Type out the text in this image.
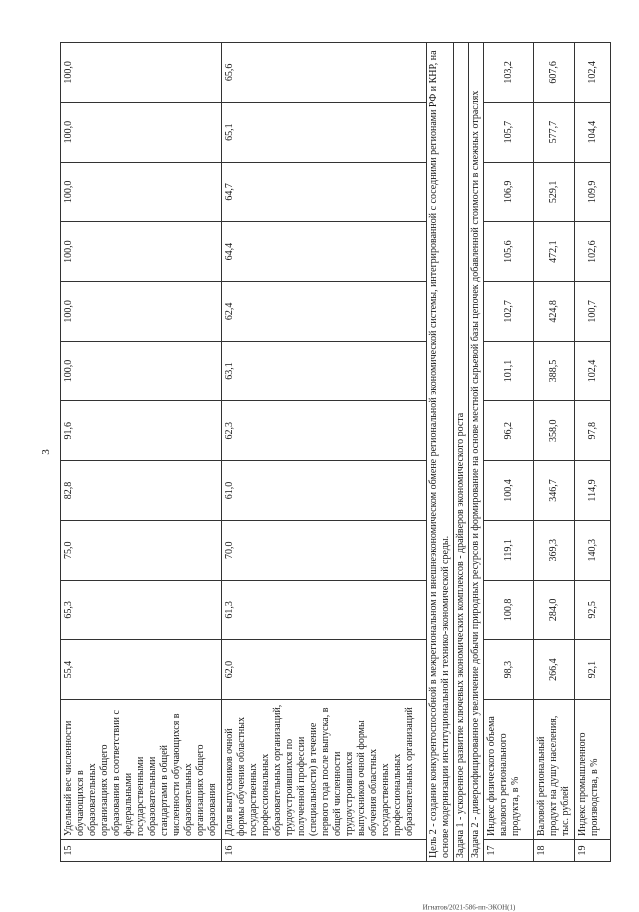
3
Игнатов/2021-586-пп-ЭКОН(1)
15	Удельный вес численности обучающихся в образовательных организациях общего образования в соответствии с федеральными государственными образовательными стандартами в общей численности обучающихся в образовательных организациях общего образования	55,4	65,3	75,0	82,8	91,6	100,0	100,0	100,0	100,0	100,0	100,0
16	Доля выпускников очной формы обучения областных государственных профессиональных образовательных организаций, трудоустроившихся по полученной профессии (специальности) в течение первого года после выпуска, в общей численности трудоустроившихся выпускников очной формы обучения областных государственных профессиональных образовательных организаций	62,0	61,3	70,0	61,0	62,3	63,1	62,4	64,4	64,7	65,1	65,6
Цель 2 - создание конкурентоспособной в межрегиональном и внешнеэкономическом обмене региональной экономической системы, интегрированной с соседними регионами РФ и КНР, на основе модернизации институциональной и технико-экономической среды.												
Задача 1 - ускоренное развитие ключевых экономических комплексов - драйверов экономического роста												
Задача 2 - диверсифицированное увеличение добычи природных ресурсов и формирование на основе местной сырьевой базы цепочек добавленной стоимости в смежных отраслях												
17	Индекс физического объема валового регионального продукта, в %	98,3	100,8	119,1	100,4	96,2	101,1	102,7	105,6	106,9	105,7	103,2
18	Валовой региональный продукт на душу населения, тыс. рублей	266,4	284,0	369,3	346,7	358,0	388,5	424,8	472,1	529,1	577,7	607,6
19	Индекс промышленного производства, в %	92,1	92,5	140,3	114,9	97,8	102,4	100,7	102,6	109,9	104,4	102,4
